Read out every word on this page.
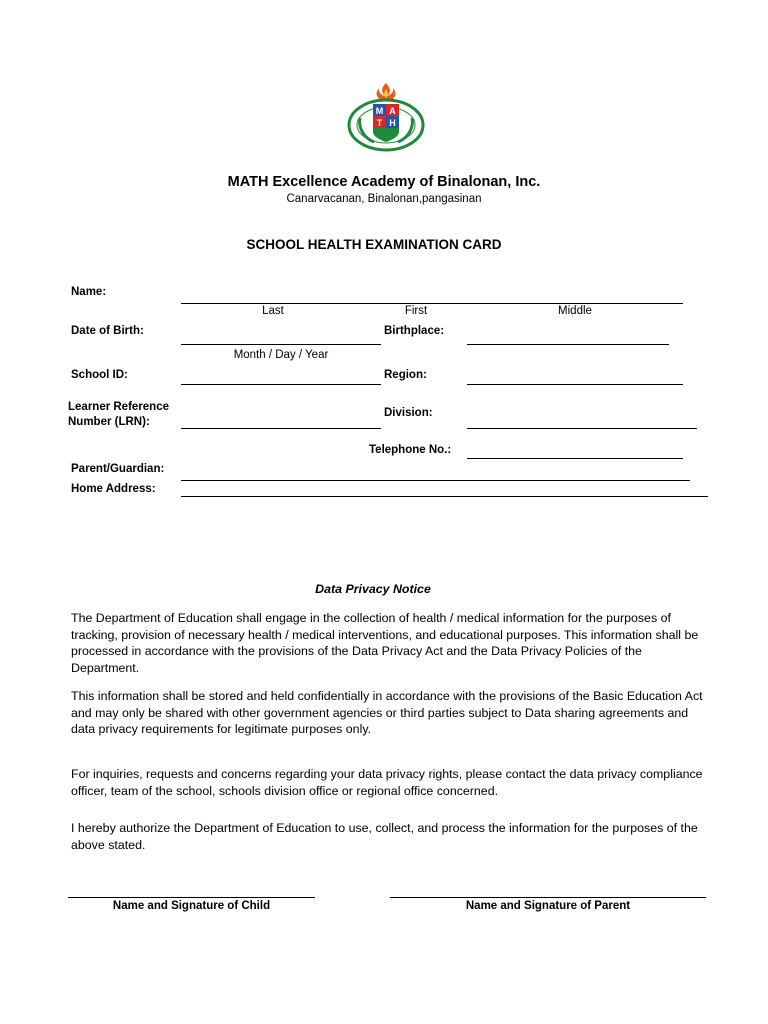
M A
T H
MATH Excellence Academy of Binalonan, Inc.
Canarvacanan, Binalonan,pangasinan
SCHOOL HEALTH EXAMINATION CARD
Name:
Last	First	Middle
Date of Birth:
Month / Day / Year
Birthplace:
School ID:	Region:
Learner Reference
Number (LRN):
Division:
Telephone No.:
Parent/Guardian:
Home Address:
Data Privacy Notice

The Department of Education shall engage in the collection of health / medical information for the purposes of tracking, provision of necessary health / medical interventions, and educational purposes. This information shall be processed in accordance with the provisions of the Data Privacy Act and the Data Privacy Policies of the Department.

This information shall be stored and held confidentially in accordance with the provisions of the Basic Education Act and may only be shared with other government agencies or third parties subject to Data sharing agreements and data privacy requirements for legitimate purposes only.

For inquiries, requests and concerns regarding your data privacy rights, please contact the data privacy compliance officer, team of the school, schools division office or regional office concerned.

I hereby authorize the Department of Education to use, collect, and process the information for the purposes of the above stated.

Name and Signature of Child	Name and Signature of Parent
